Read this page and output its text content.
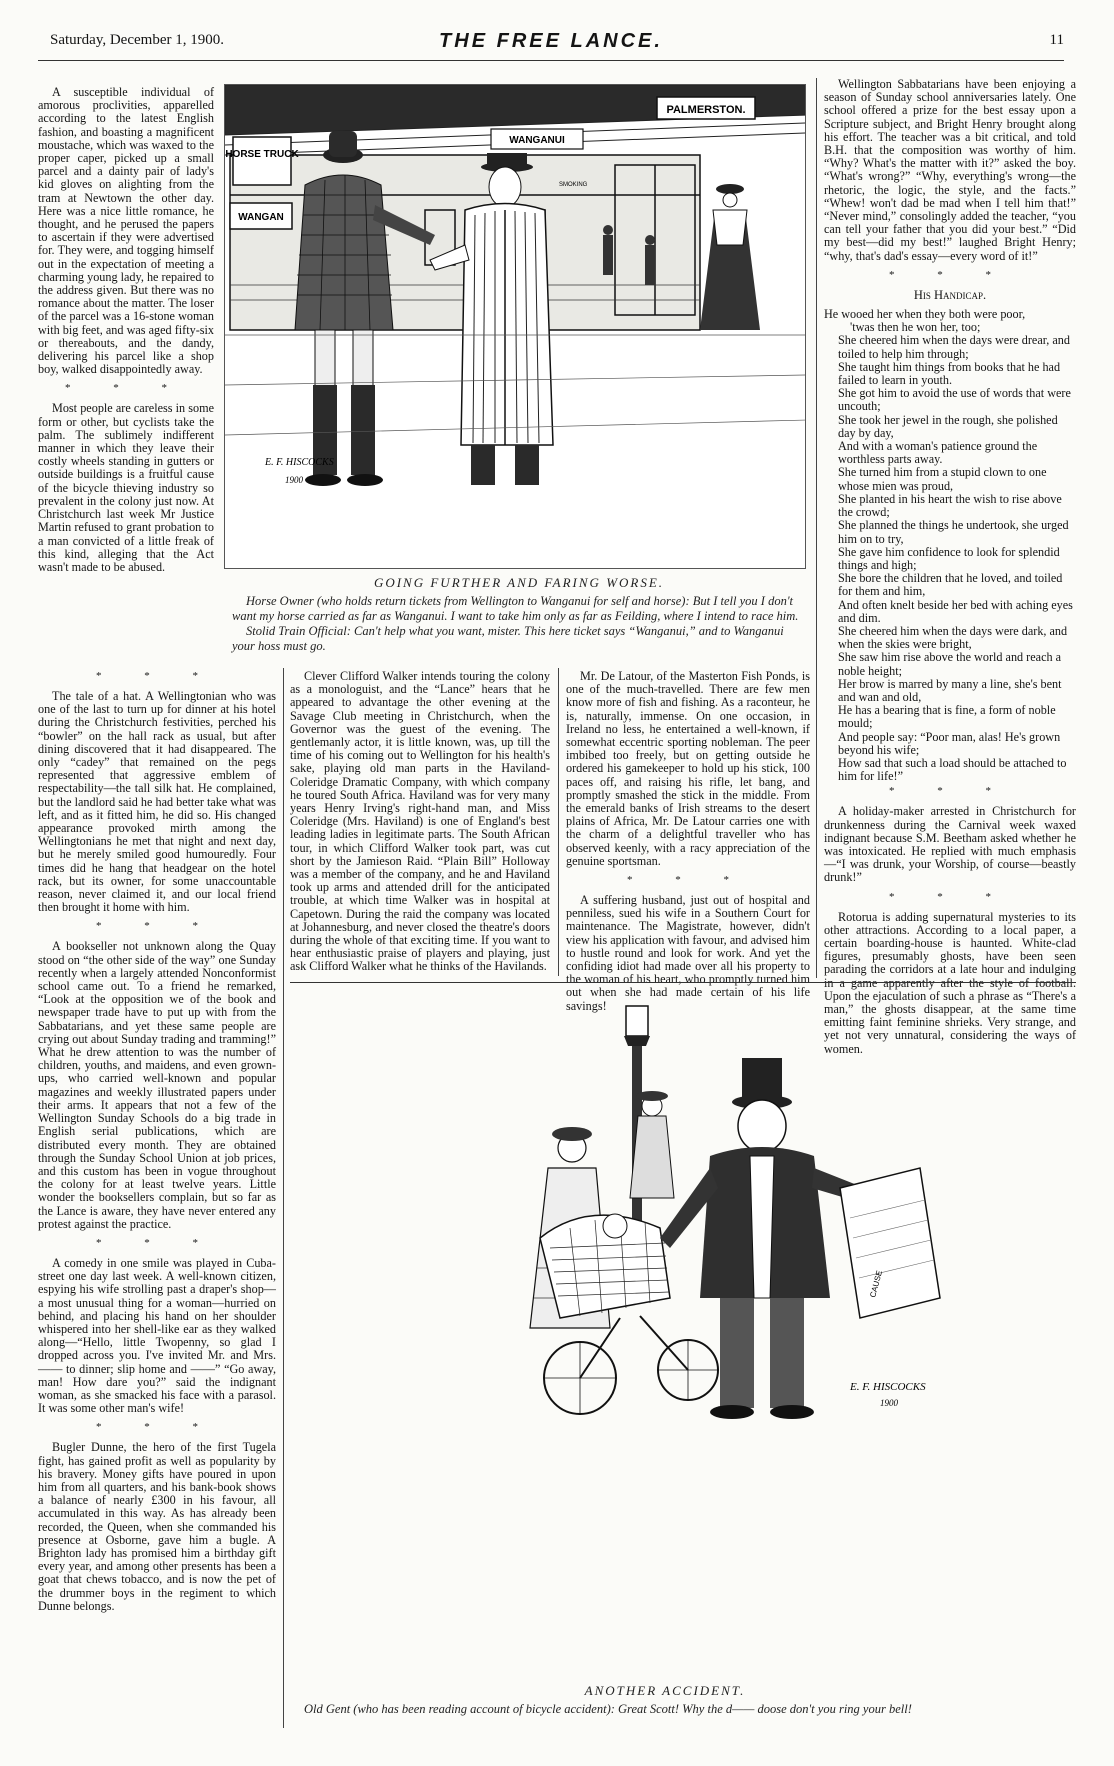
Saturday, December 1, 1900.	THE FREE LANCE.	11

A susceptible individual of amorous proclivities, apparelled according to the latest English fashion, and boasting a magnificent moustache, which was waxed to the proper caper, picked up a small parcel and a dainty pair of lady's kid gloves on alighting from the tram at Newtown the other day. Here was a nice little romance, he thought, and he perused the papers to ascertain if they were advertised for. They were, and togging himself out in the expectation of meeting a charming young lady, he repaired to the address given. But there was no romance about the matter. The loser of the parcel was a 16-stone woman with big feet, and was aged fifty-six or thereabouts, and the dandy, delivering his parcel like a shop boy, walked disappointedly away.

* * *

Most people are careless in some form or other, but cyclists take the palm. The sublimely indifferent manner in which they leave their costly wheels standing in gutters or outside buildings is a fruitful cause of the bicycle thieving industry so prevalent in the colony just now. At Christchurch last week Mr Justice Martin refused to grant probation to a man convicted of a little freak of this kind, alleging that the Act wasn't made to be abused.

* * *

The tale of a hat. A Wellingtonian who was one of the last to turn up for dinner at his hotel during the Christchurch festivities, perched his “bowler” on the hall rack as usual, but after dining discovered that it had disappeared. The only “cadey” that remained on the pegs represented that aggressive emblem of respectability—the tall silk hat. He complained, but the landlord said he had better take what was left, and as it fitted him, he did so. His changed appearance provoked mirth among the Wellingtonians he met that night and next day, but he merely smiled good humouredly. Four times did he hang that headgear on the hotel rack, but its owner, for some unaccountable reason, never claimed it, and our local friend then brought it home with him.

* * *

A bookseller not unknown along the Quay stood on “the other side of the way” one Sunday recently when a largely attended Nonconformist school came out. To a friend he remarked, “Look at the opposition we of the book and newspaper trade have to put up with from the Sabbatarians, and yet these same people are crying out about Sunday trading and tramming!” What he drew attention to was the number of children, youths, and maidens, and even grown-ups, who carried well-known and popular magazines and weekly illustrated papers under their arms. It appears that not a few of the Wellington Sunday Schools do a big trade in English serial publications, which are distributed every month. They are obtained through the Sunday School Union at job prices, and this custom has been in vogue throughout the colony for at least twelve years. Little wonder the booksellers complain, but so far as the Lance is aware, they have never entered any protest against the practice.

* * *

A comedy in one smile was played in Cuba-street one day last week. A well-known citizen, espying his wife strolling past a draper's shop—a most unusual thing for a woman—hurried on behind, and placing his hand on her shoulder whispered into her shell-like ear as they walked along—“Hello, little Twopenny, so glad I dropped across you. I've invited Mr. and Mrs. —— to dinner; slip home and ——” “Go away, man! How dare you?” said the indignant woman, as she smacked his face with a parasol. It was some other man's wife!

* * *

Bugler Dunne, the hero of the first Tugela fight, has gained profit as well as popularity by his bravery. Money gifts have poured in upon him from all quarters, and his bank-book shows a balance of nearly £300 in his favour, all accumulated in this way. As has already been recorded, the Queen, when she commanded his presence at Osborne, gave him a bugle. A Brighton lady has promised him a birthday gift every year, and among other presents has been a goat that chews tobacco, and is now the pet of the drummer boys in the regiment to which Dunne belongs.

PALMERSTON.
WANGANUI
HORSE TRUCK
WANGAN
SMOKING
E. F. HISCOCKS
1900
GOING FURTHER AND FARING WORSE.

Horse Owner (who holds return tickets from Wellington to Wanganui for self and horse): But I tell you I don't want my horse carried as far as Wanganui. I want to take him only as far as Feilding, where I intend to race him.

Stolid Train Official: Can't help what you want, mister. This here ticket says “Wanganui,” and to Wanganui your hoss must go.

Clever Clifford Walker intends touring the colony as a monologuist, and the “Lance” hears that he appeared to advantage the other evening at the Savage Club meeting in Christchurch, when the Governor was the guest of the evening. The gentlemanly actor, it is little known, was, up till the time of his coming out to Wellington for his health's sake, playing old man parts in the Haviland-Coleridge Dramatic Company, with which company he toured South Africa. Haviland was for very many years Henry Irving's right-hand man, and Miss Coleridge (Mrs. Haviland) is one of England's best leading ladies in legitimate parts. The South African tour, in which Clifford Walker took part, was cut short by the Jamieson Raid. “Plain Bill” Holloway was a member of the company, and he and Haviland took up arms and attended drill for the anticipated trouble, at which time Walker was in hospital at Capetown. During the raid the company was located at Johannesburg, and never closed the theatre's doors during the whole of that exciting time. If you want to hear enthusiastic praise of players and playing, just ask Clifford Walker what he thinks of the Havilands.

Mr. De Latour, of the Masterton Fish Ponds, is one of the much-travelled. There are few men know more of fish and fishing. As a raconteur, he is, naturally, immense. On one occasion, in Ireland no less, he entertained a well-known, if somewhat eccentric sporting nobleman. The peer imbibed too freely, but on getting outside he ordered his gamekeeper to hold up his stick, 100 paces off, and raising his rifle, let bang, and promptly smashed the stick in the middle. From the emerald banks of Irish streams to the desert plains of Africa, Mr. De Latour carries one with the charm of a delightful traveller who has observed keenly, with a racy appreciation of the genuine sportsman.

* * *

A suffering husband, just out of hospital and penniless, sued his wife in a Southern Court for maintenance. The Magistrate, however, didn't view his application with favour, and advised him to hustle round and look for work. And yet the confiding idiot had made over all his property to the woman of his heart, who promptly turned him out when she had made certain of his life savings!

Wellington Sabbatarians have been enjoying a season of Sunday school anniversaries lately. One school offered a prize for the best essay upon a Scripture subject, and Bright Henry brought along his effort. The teacher was a bit critical, and told B.H. that the composition was worthy of him. “Why? What's the matter with it?” asked the boy. “What's wrong?” “Why, everything's wrong—the rhetoric, the logic, the style, and the facts.” “Whew! won't dad be mad when I tell him that!” “Never mind,” consolingly added the teacher, “you can tell your father that you did your best.” “Did my best—did my best!” laughed Bright Henry; “why, that's dad's essay—every word of it!”

* * *
His Handicap.

He wooed her when they both were poor,

'twas then he won her, too;

She cheered him when the days were drear, and toiled to help him through;

She taught him things from books that he had failed to learn in youth.

She got him to avoid the use of words that were uncouth;

She took her jewel in the rough, she polished day by day,

And with a woman's patience ground the worthless parts away.

She turned him from a stupid clown to one whose mien was proud,

She planted in his heart the wish to rise above the crowd;

She planned the things he undertook, she urged him on to try,

She gave him confidence to look for splendid things and high;

She bore the children that he loved, and toiled for them and him,

And often knelt beside her bed with aching eyes and dim.

She cheered him when the days were dark, and when the skies were bright,

She saw him rise above the world and reach a noble height;

Her brow is marred by many a line, she's bent and wan and old,

He has a bearing that is fine, a form of noble mould;

And people say: “Poor man, alas! He's grown beyond his wife;

How sad that such a load should be attached to him for life!”

* * *

A holiday-maker arrested in Christchurch for drunkenness during the Carnival week waxed indignant because S.M. Beetham asked whether he was intoxicated. He replied with much emphasis—“I was drunk, your Worship, of course—beastly drunk!”

* * *

Rotorua is adding supernatural mysteries to its other attractions. According to a local paper, a certain boarding-house is haunted. White-clad figures, presumably ghosts, have been seen parading the corridors at a late hour and indulging in a game apparently after the style of football. Upon the ejaculation of such a phrase as “There's a man,” the ghosts disappear, at the same time emitting faint feminine shrieks. Very strange, and yet not very unnatural, considering the ways of women.

CAUSE
E. F. HISCOCKS
1900
ANOTHER ACCIDENT.

Old Gent (who has been reading account of bicycle accident): Great Scott! Why the d—— doose don't you ring your bell!
